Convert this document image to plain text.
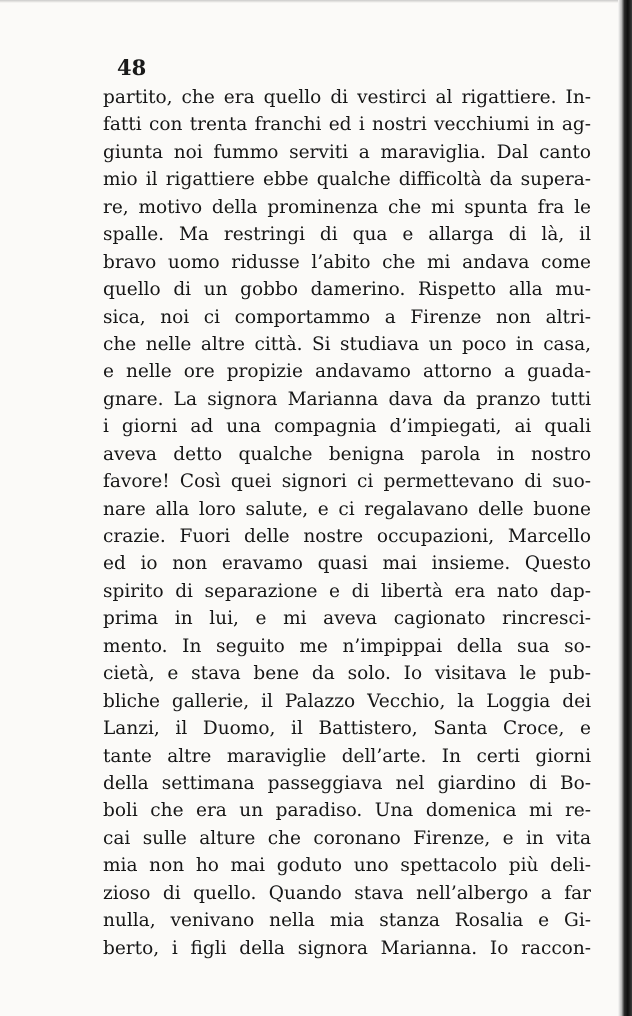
48
partito, che era quello di vestirci al rigattiere. In-
fatti con trenta franchi ed i nostri vecchiumi in ag-
giunta noi fummo serviti a maraviglia. Dal canto
mio il rigattiere ebbe qualche difficoltà da supera-
re, motivo della prominenza che mi spunta fra le
spalle. Ma restringi di qua e allarga di là, il
bravo uomo ridusse l’abito che mi andava come
quello di un gobbo damerino. Rispetto alla mu-
sica, noi ci comportammo a Firenze non altri-
che nelle altre città. Si studiava un poco in casa,
e nelle ore propizie andavamo attorno a guada-
gnare. La signora Marianna dava da pranzo tutti
i giorni ad una compagnia d’impiegati, ai quali
aveva detto qualche benigna parola in nostro
favore! Così quei signori ci permettevano di suo-
nare alla loro salute, e ci regalavano delle buone
crazie. Fuori delle nostre occupazioni, Marcello
ed io non eravamo quasi mai insieme. Questo
spirito di separazione e di libertà era nato dap-
prima in lui, e mi aveva cagionato rincresci-
mento. In seguito me n’impippai della sua so-
cietà, e stava bene da solo. Io visitava le pub-
bliche gallerie, il Palazzo Vecchio, la Loggia dei
Lanzi, il Duomo, il Battistero, Santa Croce, e
tante altre maraviglie dell’arte. In certi giorni
della settimana passeggiava nel giardino di Bo-
boli che era un paradiso. Una domenica mi re-
cai sulle alture che coronano Firenze, e in vita
mia non ho mai goduto uno spettacolo più deli-
zioso di quello. Quando stava nell’albergo a far
nulla, venivano nella mia stanza Rosalia e Gi-
berto, i figli della signora Marianna. Io raccon-
